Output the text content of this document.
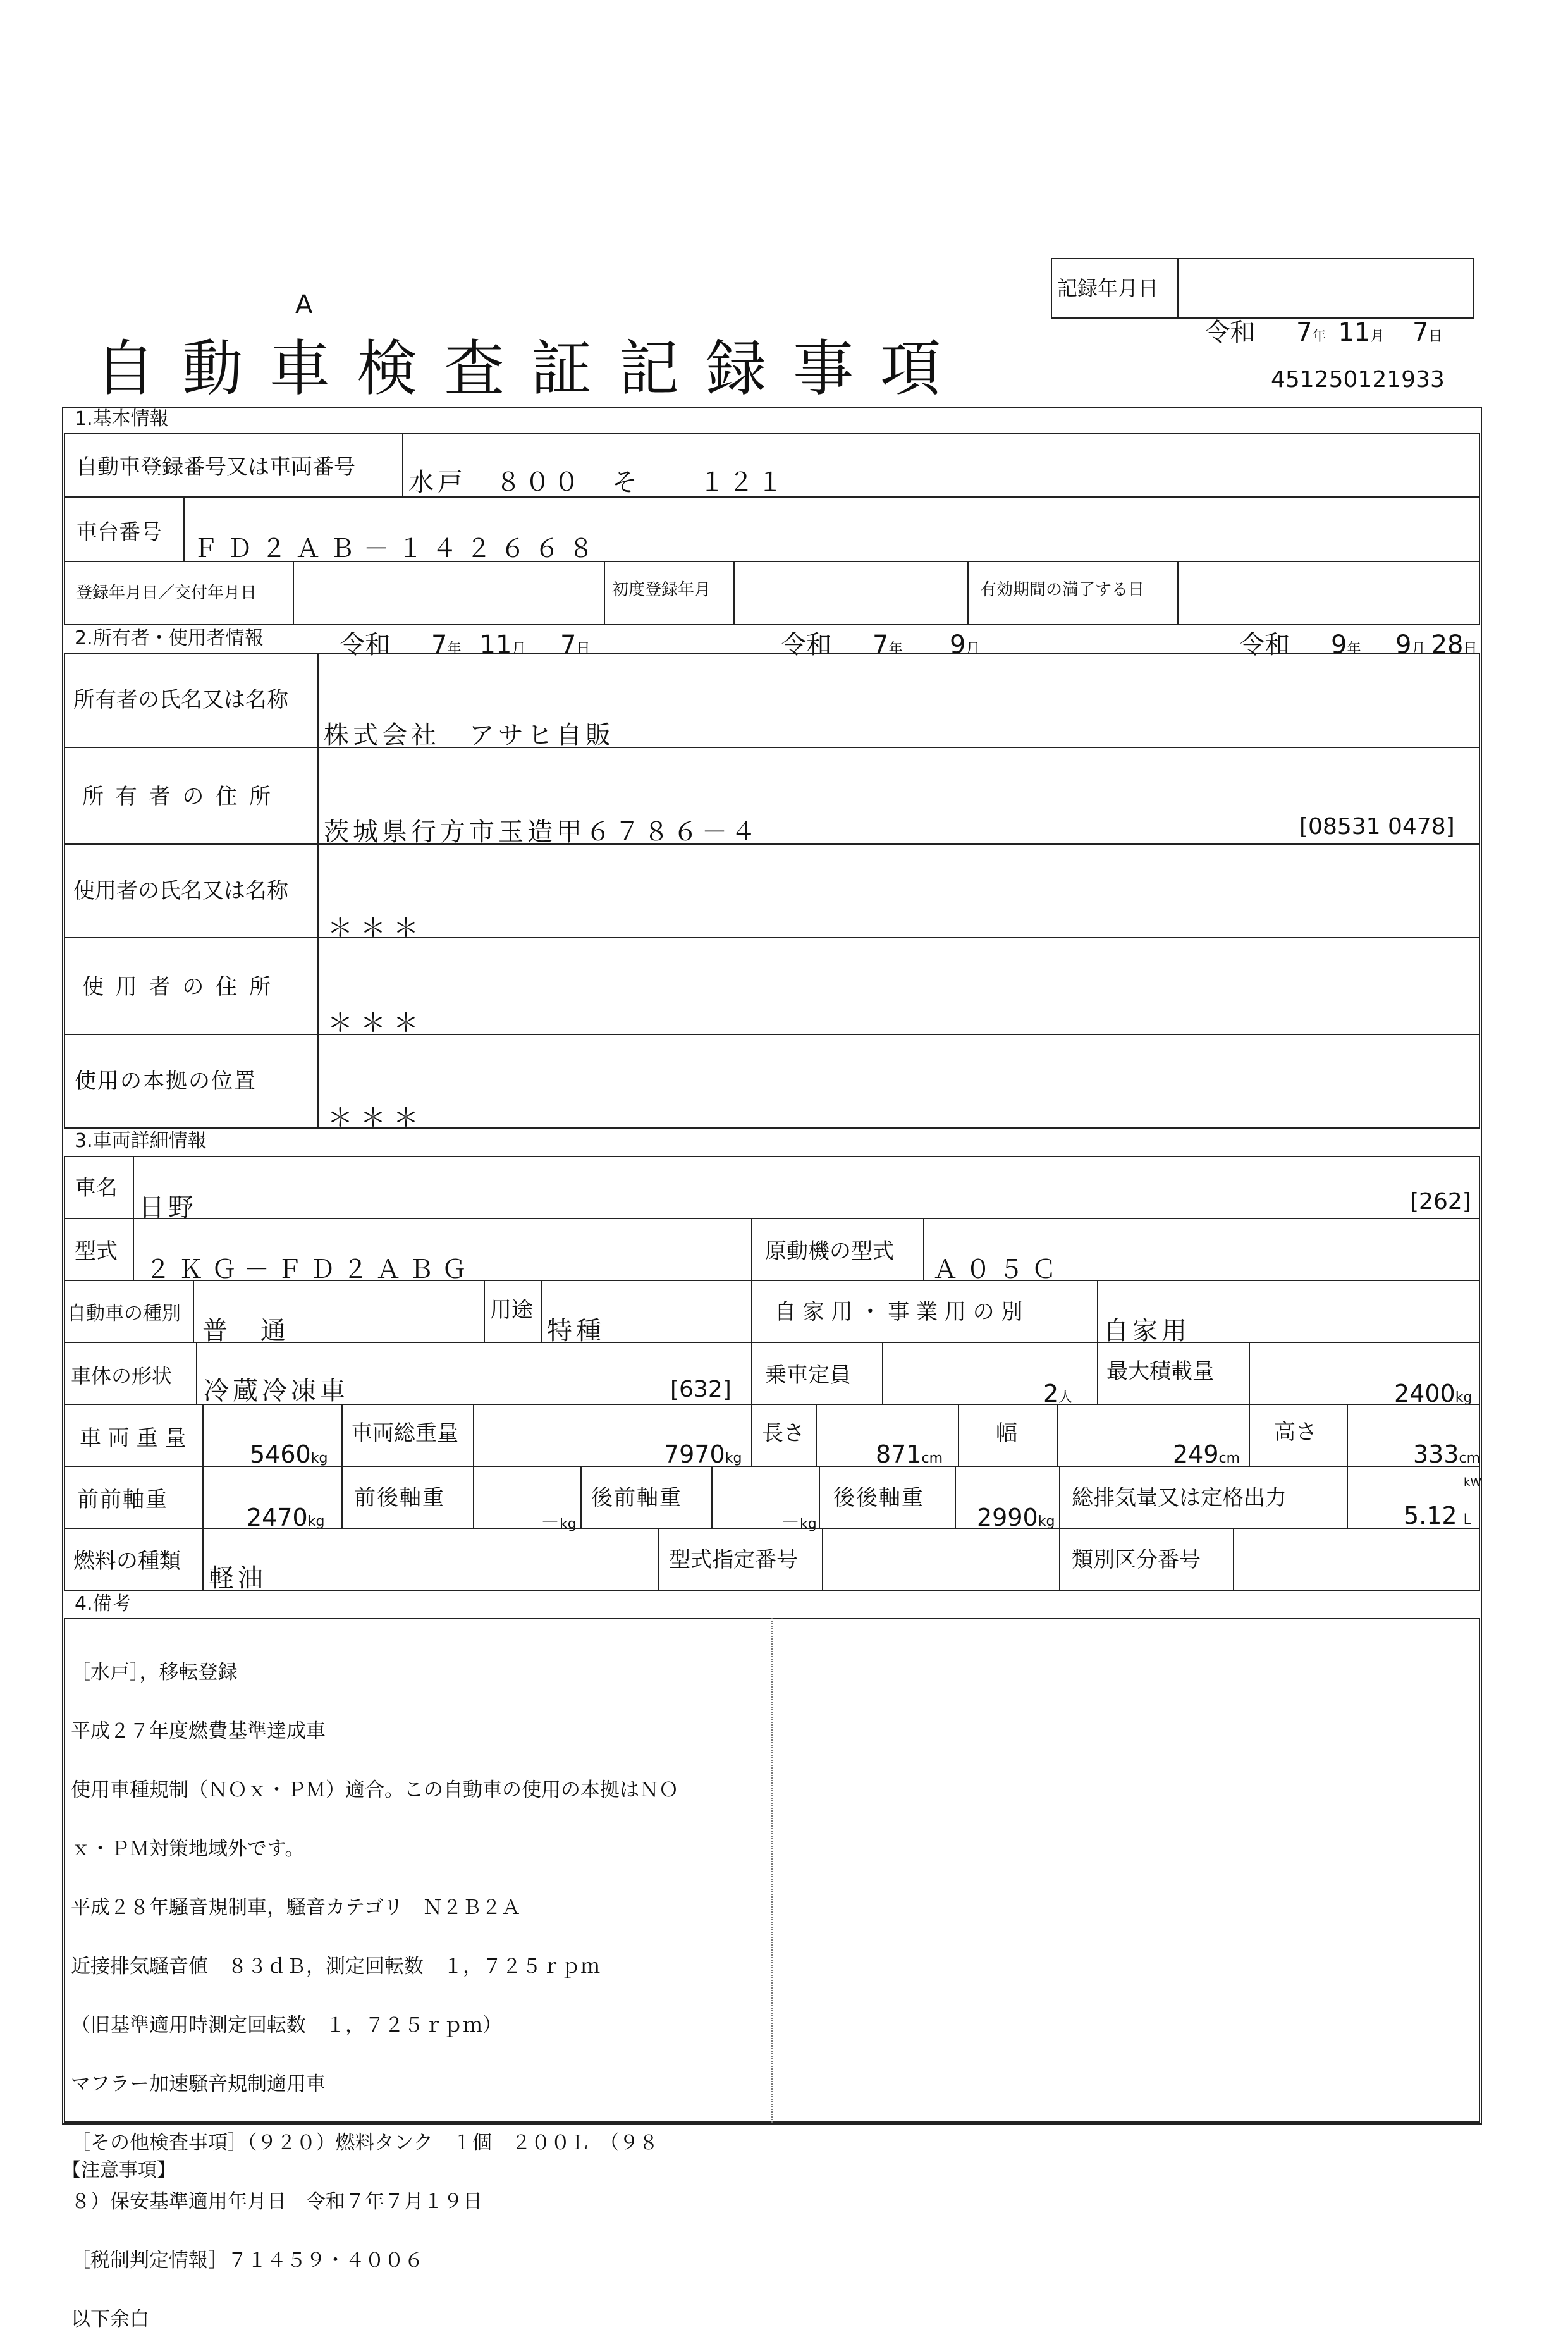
A
記録年月日

令和 7年 11月 7日

自動車検査証記録事項	451250121933
1.基本情報
自動車登録番号又は車両番号
水戸　８００　そ　　１２１
車台番号
ＦＤ２ＡＢ－１４２６６８
登録年月日／交付年月日

令和 7年 11月 7日

初度登録年月

令和 7年 9月

有効期間の満了する日

令和 9年 9月 28日

2.所有者・使用者情報
所有者の氏名又は名称
株式会社　アサヒ自販
所 有 者 の 住 所
茨城県行方市玉造甲６７８６－４	[08531 0478]
使用者の氏名又は名称
＊＊＊
使 用 者 の 住 所
＊＊＊
使用の本拠の位置
＊＊＊
3.車両詳細情報
車名
日野	[262]
型式
２ＫＧ－ＦＤ２ＡＢＧ
原動機の型式
Ａ０５Ｃ
自動車の種別
普　通
用途
特種
自 家 用 ・ 事 業 用 の 別
自家用
車体の形状
冷蔵冷凍車	[632]
乗車定員
2人
最大積載量
2400kg
車 両 重 量
5460kg
車両総重量
7970kg
長さ
871cm
幅
249cm
高さ
333cm
前前軸重
2470kg
前後軸重
－kg
後前軸重
－kg
後後軸重
2990kg
総排気量又は定格出力
kW
5.12 L
燃料の種類
軽油
型式指定番号	類別区分番号
4.備考

［水戸］，移転登録

平成２７年度燃費基準達成車

使用車種規制（ＮＯｘ・ＰＭ）適合。この自動車の使用の本拠はＮＯ

ｘ・ＰＭ対策地域外です。

平成２８年騒音規制車，騒音カテゴリ　Ｎ２Ｂ２Ａ

近接排気騒音値　８３ｄＢ，測定回転数　１，７２５ｒｐｍ

（旧基準適用時測定回転数　１，７２５ｒｐｍ）

マフラー加速騒音規制適用車

［その他検査事項］（９２０）燃料タンク　１個　２００Ｌ　（９８

８）保安基準適用年月日　令和７年７月１９日

［税制判定情報］７１４５９・４００６

以下余白

【注意事項】
